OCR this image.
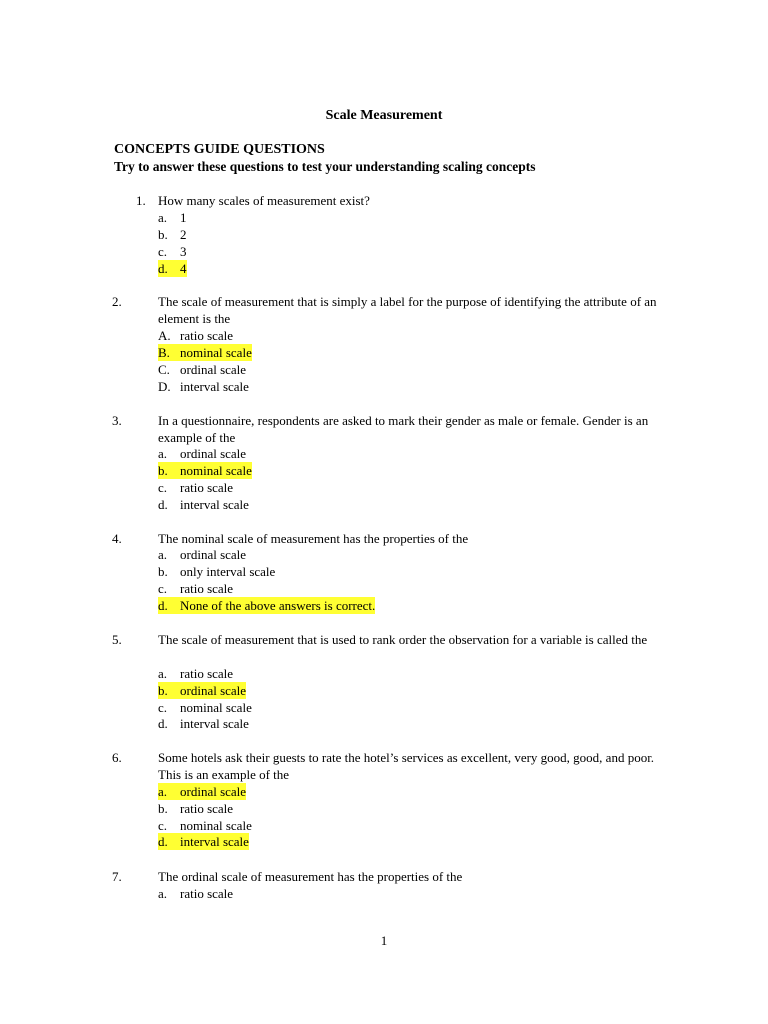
Scale Measurement
CONCEPTS GUIDE QUESTIONS
Try to answer these questions to test your understanding scaling concepts
1. How many scales of measurement exist?
a. 1
b. 2
c. 3
d. 4
2.	The scale of measurement that is simply a label for the purpose of identifying the attribute of an element is the
A. ratio scale
B. nominal scale
C. ordinal scale
D. interval scale
3.	In a questionnaire, respondents are asked to mark their gender as male or female. Gender is an example of the
a. ordinal scale
b. nominal scale
c. ratio scale
d. interval scale
4.	The nominal scale of measurement has the properties of the
a. ordinal scale
b. only interval scale
c. ratio scale
d. None of the above answers is correct.
5.	The scale of measurement that is used to rank order the observation for a variable is called the
a. ratio scale
b. ordinal scale
c. nominal scale
d. interval scale
6.	Some hotels ask their guests to rate the hotel’s services as excellent, very good, good, and poor. This is an example of the
a. ordinal scale
b. ratio scale
c. nominal scale
d. interval scale
7.	The ordinal scale of measurement has the properties of the
a. ratio scale
1
